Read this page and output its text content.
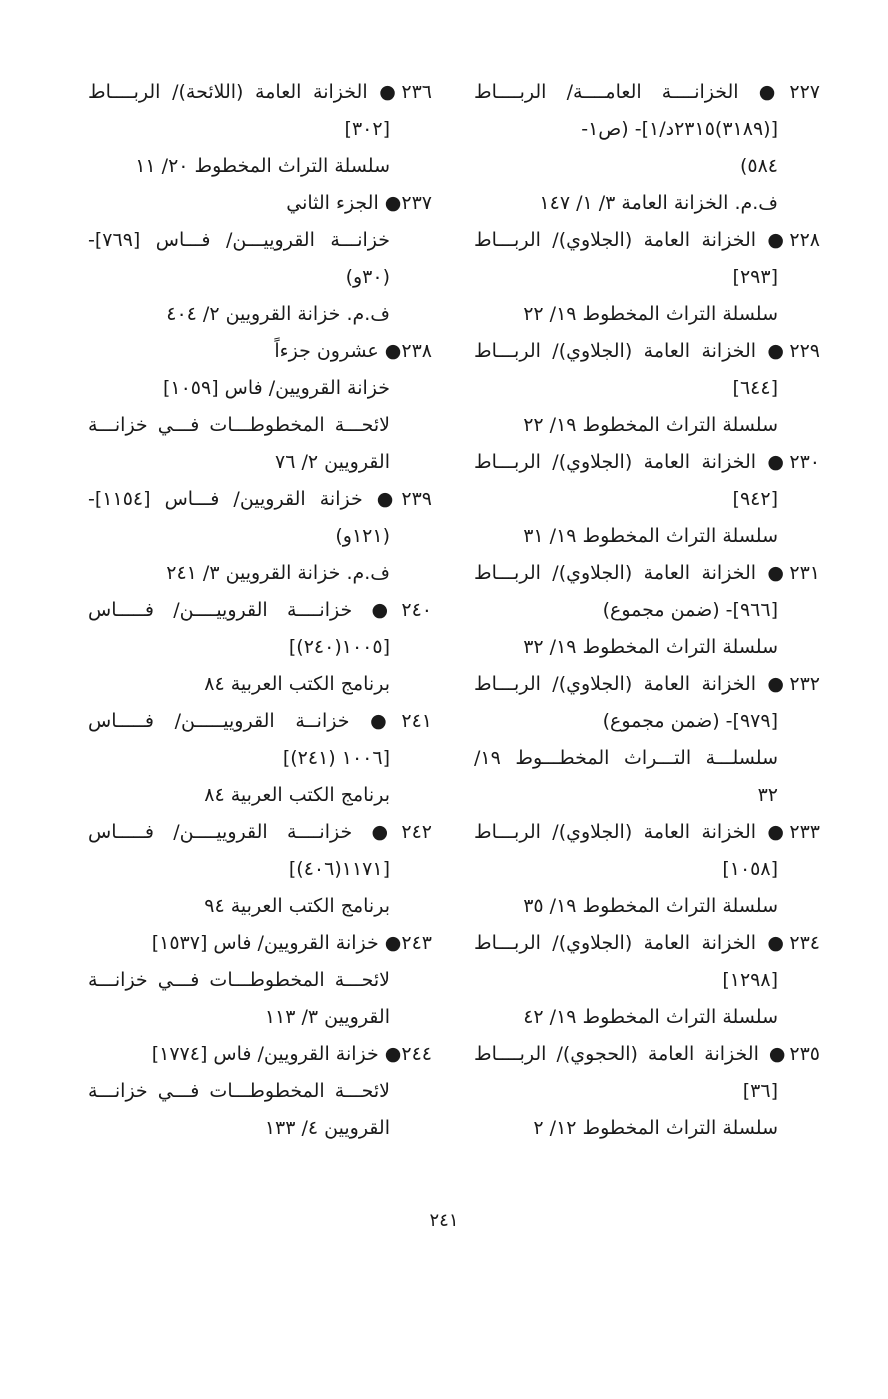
٢٢٧● الخزانــــة العامــــة/ الربــــاط
[(٣١٨٩)٢٣١٥د/١]- (ص١-
٥٨٤)
ف.م. الخزانة العامة ٣/ ١/ ١٤٧
٢٢٨● الخزانة العامة (الجلاوي)/ الربـــاط
[٢٩٣]
سلسلة التراث المخطوط ١٩/ ٢٢
٢٢٩● الخزانة العامة (الجلاوي)/ الربـــاط
[٦٤٤]
سلسلة التراث المخطوط ١٩/ ٢٢
٢٣٠● الخزانة العامة (الجلاوي)/ الربـــاط
[٩٤٢]
سلسلة التراث المخطوط ١٩/ ٣١
٢٣١● الخزانة العامة (الجلاوي)/ الربـــاط
[٩٦٦]- (ضمن مجموع)
سلسلة التراث المخطوط ١٩/ ٣٢
٢٣٢● الخزانة العامة (الجلاوي)/ الربـــاط
[٩٧٩]- (ضمن مجموع)
سلسلـــة التـــراث المخطـــوط ١٩/
٣٢
٢٣٣● الخزانة العامة (الجلاوي)/ الربـــاط
[١٠٥٨]
سلسلة التراث المخطوط ١٩/ ٣٥
٢٣٤● الخزانة العامة (الجلاوي)/ الربـــاط
[١٢٩٨]
سلسلة التراث المخطوط ١٩/ ٤٢
٢٣٥● الخزانة العامة (الحجوي)/ الربــــاط
[٣٦]
سلسلة التراث المخطوط ١٢/ ٢
٢٣٦● الخزانة العامة (اللائحة)/ الربــــاط
[٣٠٢]
سلسلة التراث المخطوط ٢٠/ ١١
٢٣٧● الجزء الثاني
خزانـــة القروييـــن/ فـــاس [٧٦٩]-
(٣٠و)
ف.م. خزانة القرويين ٢/ ٤٠٤
٢٣٨● عشرون جزءاً
خزانة القرويين/ فاس [١٠٥٩]
لائحـــة المخطوطـــات فـــي خزانـــة
القرويين ٢/ ٧٦
٢٣٩● خزانة القرويين/ فـــاس [١١٥٤]-
(١٢١و)
ف.م. خزانة القرويين ٣/ ٢٤١
٢٤٠● خزانــــة القروييــــن/ فـــــاس
[١٠٠٥(٢٤٠)]
برنامج الكتب العربية ٨٤
٢٤١● خزانــة القروييـــــن/ فـــــاس
[١٠٠٦ (٢٤١)]
برنامج الكتب العربية ٨٤
٢٤٢● خزانــــة القروييــــن/ فـــــاس
[١١٧١(٤٠٦)]
برنامج الكتب العربية ٩٤
٢٤٣● خزانة القرويين/ فاس [١٥٣٧]
لائحـــة المخطوطـــات فـــي خزانـــة
القرويين ٣/ ١١٣
٢٤٤● خزانة القرويين/ فاس [١٧٧٤]
لائحـــة المخطوطـــات فـــي خزانـــة
القرويين ٤/ ١٣٣
٢٤١
